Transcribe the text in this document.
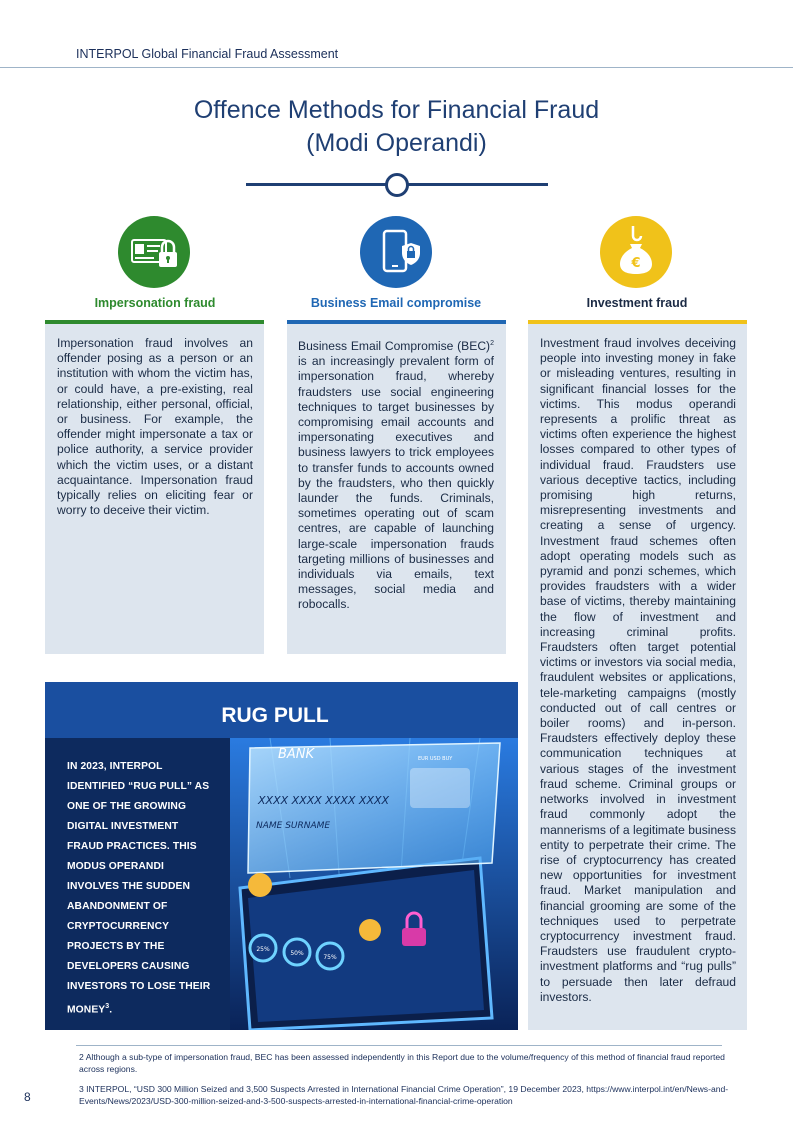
INTERPOL Global Financial Fraud Assessment
Offence Methods for Financial Fraud
(Modi Operandi)
€
Impersonation fraud	Business Email compromise	Investment fraud
Impersonation fraud involves an offender posing as a person or an institution with whom the victim has, or could have, a pre-existing, real relationship, either personal, official, or business. For example, the offender might impersonate a tax or police authority, a service provider which the victim uses, or a distant acquaintance. Impersonation fraud typically relies on eliciting fear or worry to deceive their victim.
Business Email Compromise (BEC)$^2$ is an increasingly prevalent form of impersonation fraud, whereby fraudsters use social engineering techniques to target businesses by compromising email accounts and impersonating executives and business lawyers to trick employees to transfer funds to accounts owned by the fraudsters, who then quickly launder the funds. Criminals, sometimes operating out of scam centres, are capable of launching large-scale impersonation frauds targeting millions of businesses and individuals via emails, text messages, social media and robocalls.
Investment fraud involves deceiving people into investing money in fake or misleading ventures, resulting in significant financial losses for the victims. This modus operandi represents a prolific threat as victims often experience the highest losses compared to other types of individual fraud. Fraudsters use various deceptive tactics, including promising high returns, misrepresenting investments and creating a sense of urgency. Investment fraud schemes often adopt operating models such as pyramid and ponzi schemes, which provides fraudsters with a wider base of victims, thereby maintaining the flow of investment and increasing criminal profits. Fraudsters often target potential victims or investors via social media, fraudulent websites or applications, tele-marketing campaigns (mostly conducted out of call centres or boiler rooms) and in-person. Fraudsters effectively deploy these communication techniques at various stages of the investment fraud scheme. Criminal groups or networks involved in investment fraud commonly adopt the mannerisms of a legitimate business entity to perpetrate their crime. The rise of cryptocurrency has created new opportunities for investment fraud. Market manipulation and financial grooming are some of the techniques used to perpetrate cryptocurrency investment fraud. Fraudsters use fraudulent crypto-investment platforms and “rug pulls” to persuade then later defraud investors.
RUG PULL
IN 2023, INTERPOL IDENTIFIED “RUG PULL” AS ONE OF THE GROWING DIGITAL INVESTMENT FRAUD PRACTICES. THIS MODUS OPERANDI INVOLVES THE SUDDEN ABANDONMENT OF CRYPTOCURRENCY PROJECTS BY THE DEVELOPERS CAUSING INVESTORS TO LOSE THEIR MONEY$^3$.
BANK	EUR USD BUY
XXXX XXXX XXXX XXXX
NAME SURNAME
25%
50%
75%
2 Although a sub-type of impersonation fraud, BEC has been assessed independently in this Report due to the volume/frequency of this method of financial fraud reported across regions.
3 INTERPOL, “USD 300 Million Seized and 3,500 Suspects Arrested in International Financial Crime Operation”, 19 December 2023, https://www.interpol.int/en/News-and-Events/News/2023/USD-300-million-seized-and-3-500-suspects-arrested-in-international-financial-crime-operation
8
